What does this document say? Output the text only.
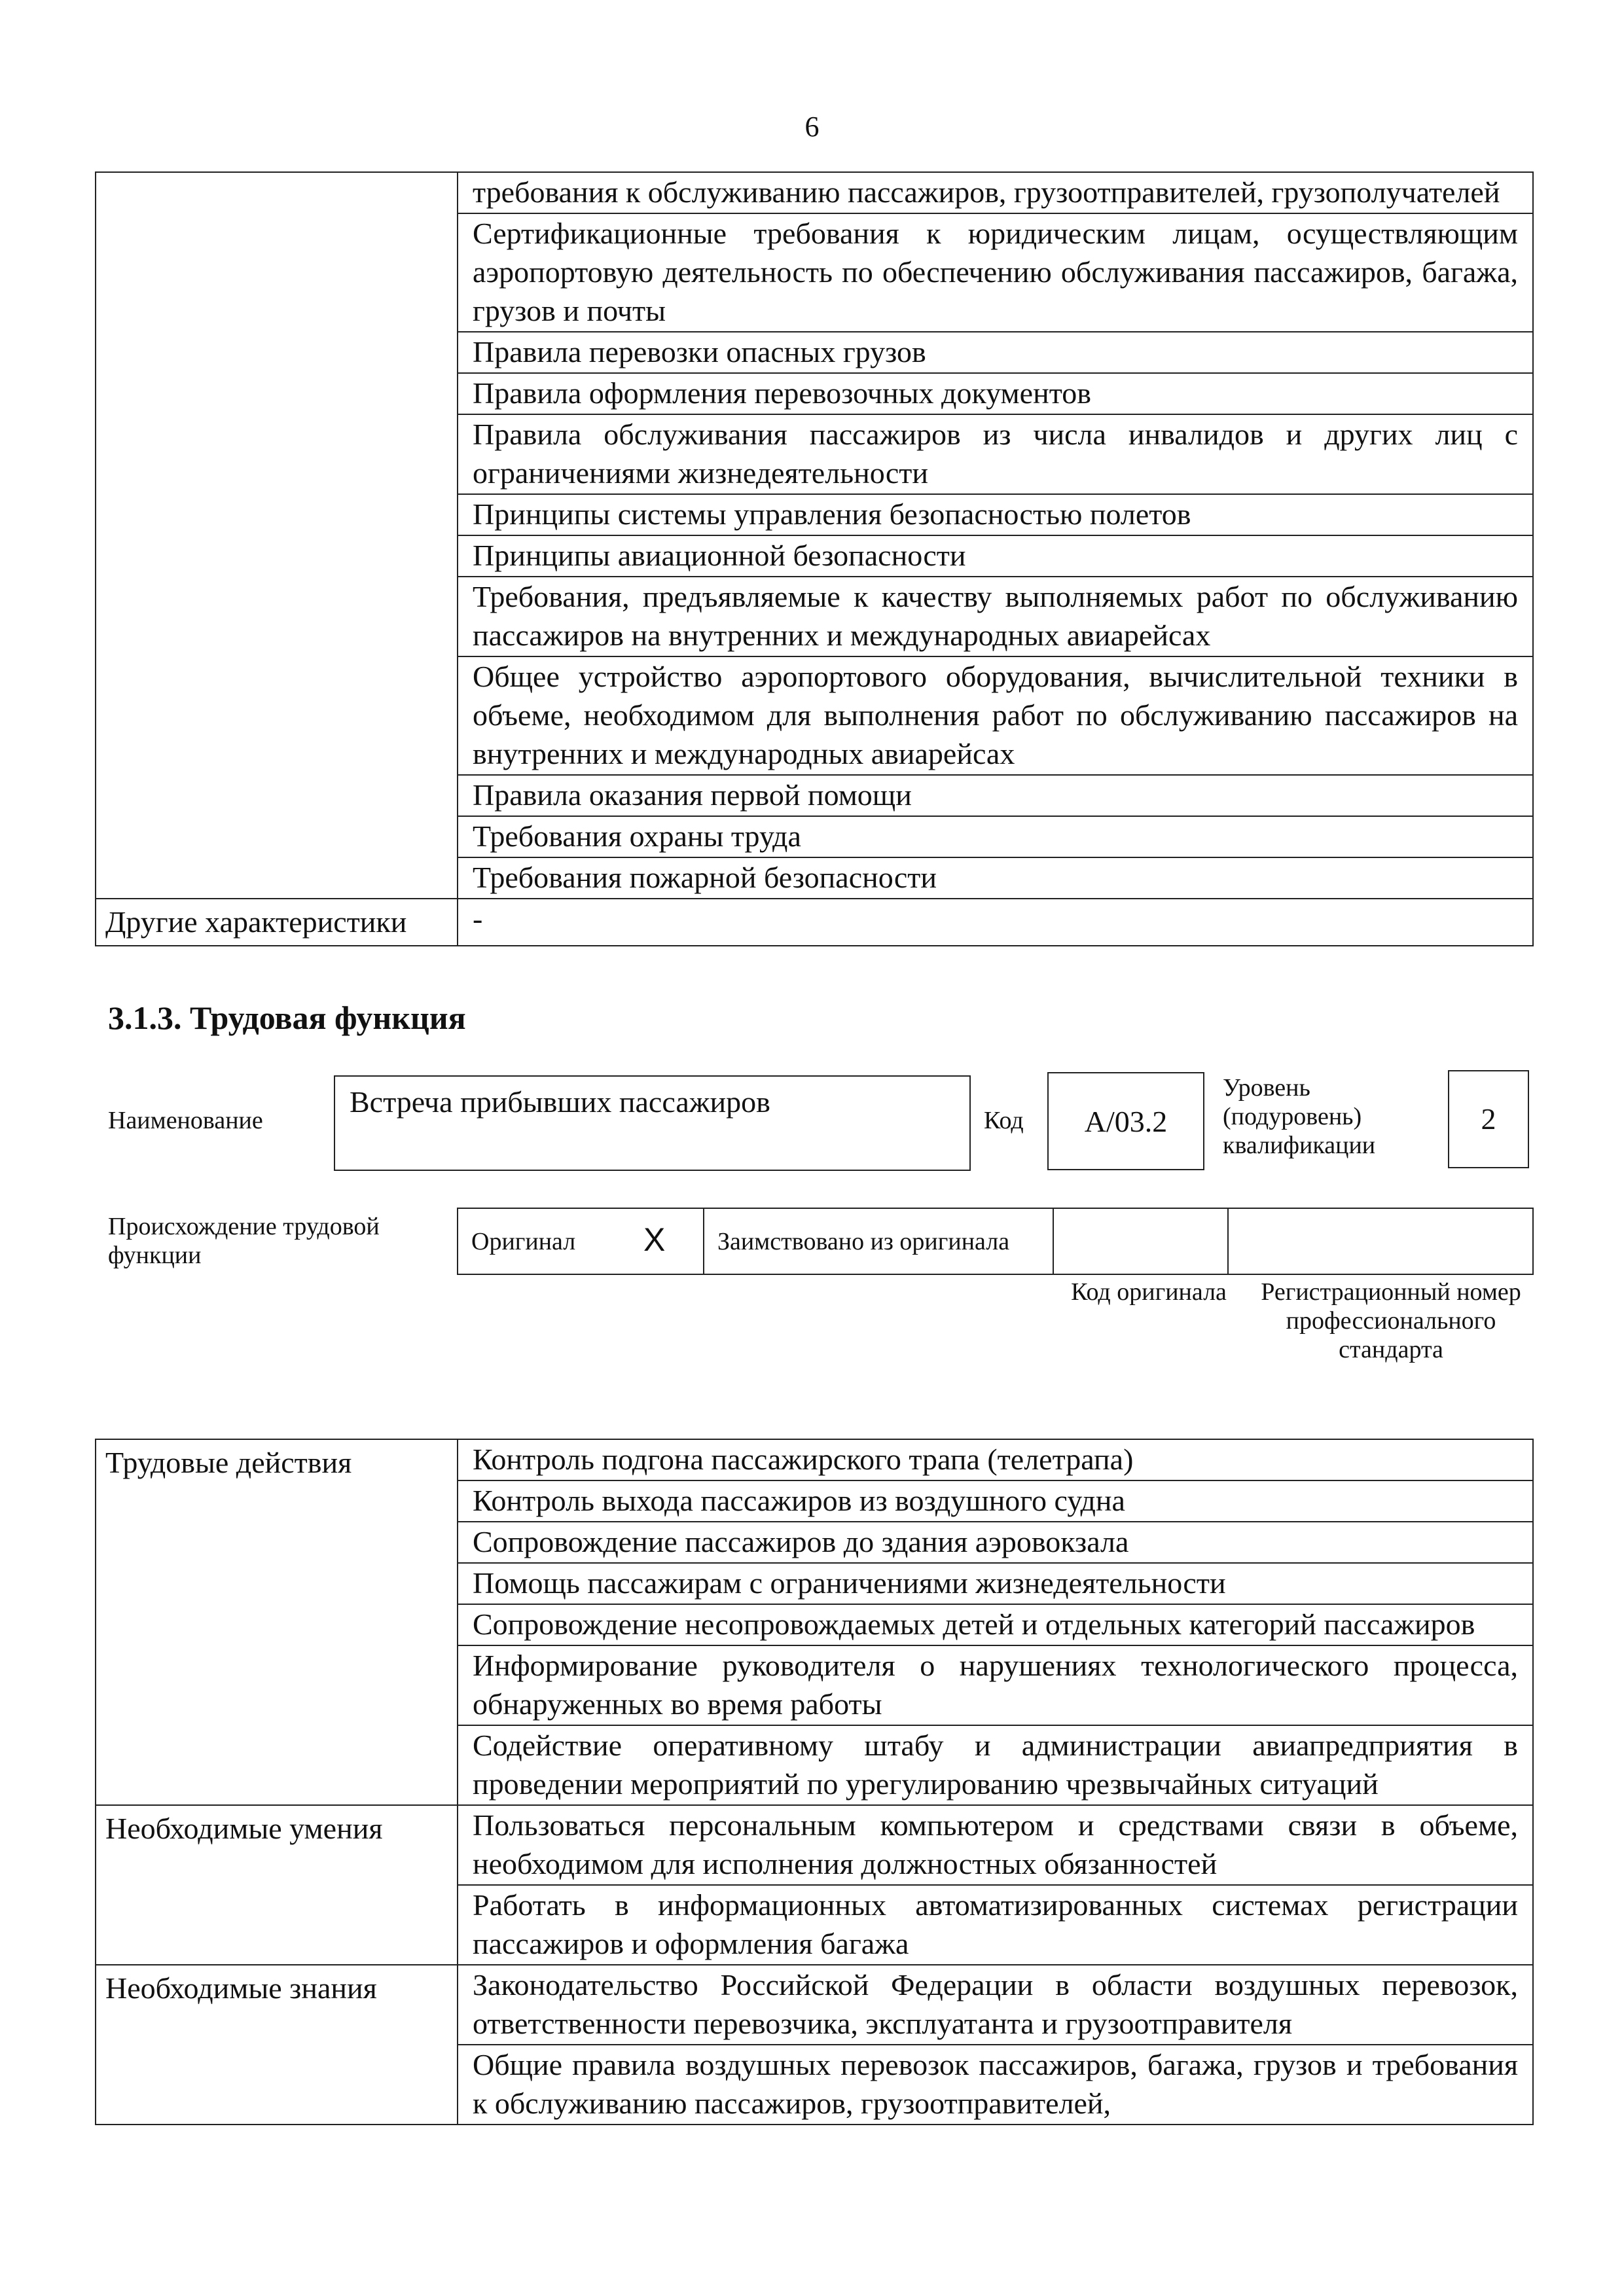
6
	требования к обслуживанию пассажиров, грузоотправителей, грузополучателей
	Сертификационные требования к юридическим лицам, осуществляющим аэропортовую деятельность по обеспечению обслуживания пассажиров, багажа, грузов и почты
	Правила перевозки опасных грузов
	Правила оформления перевозочных документов
	Правила обслуживания пассажиров из числа инвалидов и других лиц с ограничениями жизнедеятельности
	Принципы системы управления безопасностью полетов
	Принципы авиационной безопасности
	Требования, предъявляемые к качеству выполняемых работ по обслуживанию пассажиров на внутренних и международных авиарейсах
	Общее устройство аэропортового оборудования, вычислительной техники в объеме, необходимом для выполнения работ по обслуживанию пассажиров на внутренних и международных авиарейсах
	Правила оказания первой помощи
	Требования охраны труда
	Требования пожарной безопасности
Другие характеристики	-
3.1.3. Трудовая функция
Наименование
Встреча прибывших пассажиров
Код	А/03.2
Уровень (подуровень) квалификации
2
Происхождение трудовой функции
Оригинал	X	Заимствовано из оригинала		
Код оригинала	Регистрационный номер профессионального стандарта
Трудовые действия	Контроль подгона пассажирского трапа (телетрапа)
	Контроль выхода пассажиров из воздушного судна
	Сопровождение пассажиров до здания аэровокзала
	Помощь пассажирам с ограничениями жизнедеятельности
	Сопровождение несопровождаемых детей и отдельных категорий пассажиров
	Информирование руководителя о нарушениях технологического процесса, обнаруженных во время работы
	Содействие оперативному штабу и администрации авиапредприятия в проведении мероприятий по урегулированию чрезвычайных ситуаций
Необходимые умения	Пользоваться персональным компьютером и средствами связи в объеме, необходимом для исполнения должностных обязанностей
	Работать в информационных автоматизированных системах регистрации пассажиров и оформления багажа
Необходимые знания	Законодательство Российской Федерации в области воздушных перевозок, ответственности перевозчика, эксплуатанта и грузоотправителя
	Общие правила воздушных перевозок пассажиров, багажа, грузов и требования к обслуживанию пассажиров, грузоотправителей,
